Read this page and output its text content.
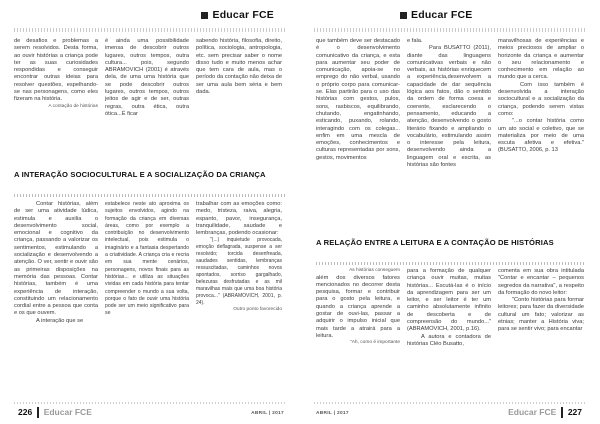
Educar FCE

de desafios e problemas a serem resolvidos. Desta forma, ao ouvir histórias a criança pode ter as suas curiosidades respondidas e conseguir encontrar outras ideias para resolver questões, espelhando-se nas personagens, como eles fizeram na história.

A contação de histórias

é ainda uma possibilidade imensa de descobrir outros lugares, outros tempos, outra cultura... pois, segundo ABRAMOVICH (2001) é através dela, de uma uma história que se pode descobrir outros lugares, outros tempos, outros jeitos de agir e de ser, outras regras, outra ética, outra ótica...É ficar

sabendo história, filosofia, direito, política, sociologia, antropologia, etc. sem precisar saber o nome disso tudo e muito menos achar que tem cara de aula, mas o período da contação não deixa de ser uma aula bem séria e bem dada.

A INTERAÇÃO SOCIOCULTURAL E A SOCIALIZAÇÃO DA CRIANÇA

Contar histórias, além de ser uma atividade lúdica, estimula e auxilia o desenvolvimento social, emocional e cognitivo da criança, passando a valorizar os sentimentos, estimulando a socialização e desenvolvendo a atenção. O ver, sentir e ouvir são as primeiras disposições na memória das pessoas. Contar histórias, também é uma experiência de interação, constituindo um relacionamento cordial entre a pessoa que conta e os que ouvem.

A interação que se

estabelece neste ato aproxima os sujeitos envolvidos, agindo na formação da criança em diversas áreas, como por exemplo a contribuição no desenvolvimento intelectual, pois estimula o imaginário e a fantasia despertando a criatividade. A criança cria e recria em sua mente cenários, personagens, novos finais para as histórias... e utiliza as situações vividas em cada história para tentar compreender o mundo a sua volta, porque o fato de ouvir uma história pode ser um meio significativo para se

trabalhar com as emoções como: medo, tristeza, raiva, alegria, espanto, pavor, insegurança, tranquilidade, saudade e lembranças, podendo ocasionar:

"(...) inquietude provocada, emoção deflagrada, suspense a ser resolvido; torcida desenfreada, saudades sentidas, lembranças ressuscitadas, caminhos novos apontados, sorriso gargalhado, belezuras desfrutadas e as mil maravilhas mais que uma boa história provoca..." (ABRAMOVICH, 2001, p. 24).

Outro ponto favorecido

226 Educar FCE	ABRIL | 2017
Educar FCE

que também deve ser destacado é o desenvolvimento comunicativo da criança, e esta para aumentar seu poder de comunicação, apoia-se no emprego do não verbal, usando o próprio corpo para comunicar-se. Elas partirão para o uso das histórias com gestos, pulos, sons, rasbiscos, equilibrando, chutando, engatinhando, esticando, puxando, rolando, interagindo com os colegas... enfim em uma mescla de emoções, conhecimentos e culturas representadas por sons, gestos, movimentos

e fala.

Para BUSATTO (2011), diante das linguagens comunicativas verbais e não verbais, as histórias enriquecem a experiência,desenvolvem a capacidade de dar sequência lógica aos fatos, dão o sentido da ordem de forma coesa e coerente, esclarecendo o pensamento, educando a atenção, desenvolvendo o gosto literário fixando e ampliando o vocabulário, estimulando assim o interesse pela leitura, desenvolvendo ainda a linguagem oral e escrita, as histórias são fontes

maravilhosas de experiências e meios preciosos de ampliar o horizonte da criança e aumentar o seu relacionamento e conhecimento em relação ao mundo que a cerca.

Com isso também é desenvolvida a interação sociocultural e a socialização da criança, podendo serem vistas como:

"...o contar história como um ato social e coletivo, que se materializa por meio de uma escuta afetiva e efetiva." (BUSATTO, 2006, p. 13

A RELAÇÃO ENTRE A LEITURA E A CONTAÇÃO DE HISTÓRIAS

As histórias conseguem

além dos diversos fatores mencionados no decorrer desta pesquisa, formar e contribuir para o gosto pela leitura, e quando a criança aprende a gostar de ouvi-las, passar a adquirir o impulso inicial que mais tarde a atrairá para a leitura.

"Ah, como é importante

para a formação de qualquer criança ouvir muitas, muitas histórias... Escutá-las é o início da aprendizagem para ser um leitor, e ser leitor é ter um caminho absolutamente infinito de descoberta e de compreensão do mundo..." (ABRAMOVICH, 2001, p.16).

A autora e contadora de histórias Cléo Busatto,

comenta em sua obra intitulada "Contar e encantar – pequenos segredos da narrativa", a respeito da formação do novo leitor:

"Conto histórias para formar leitores; para fazer da diversidade cultural um fato; valorizar as etnias; manter a História viva; para se sentir vivo; para encantar

ABRIL | 2017	Educar FCE 227
